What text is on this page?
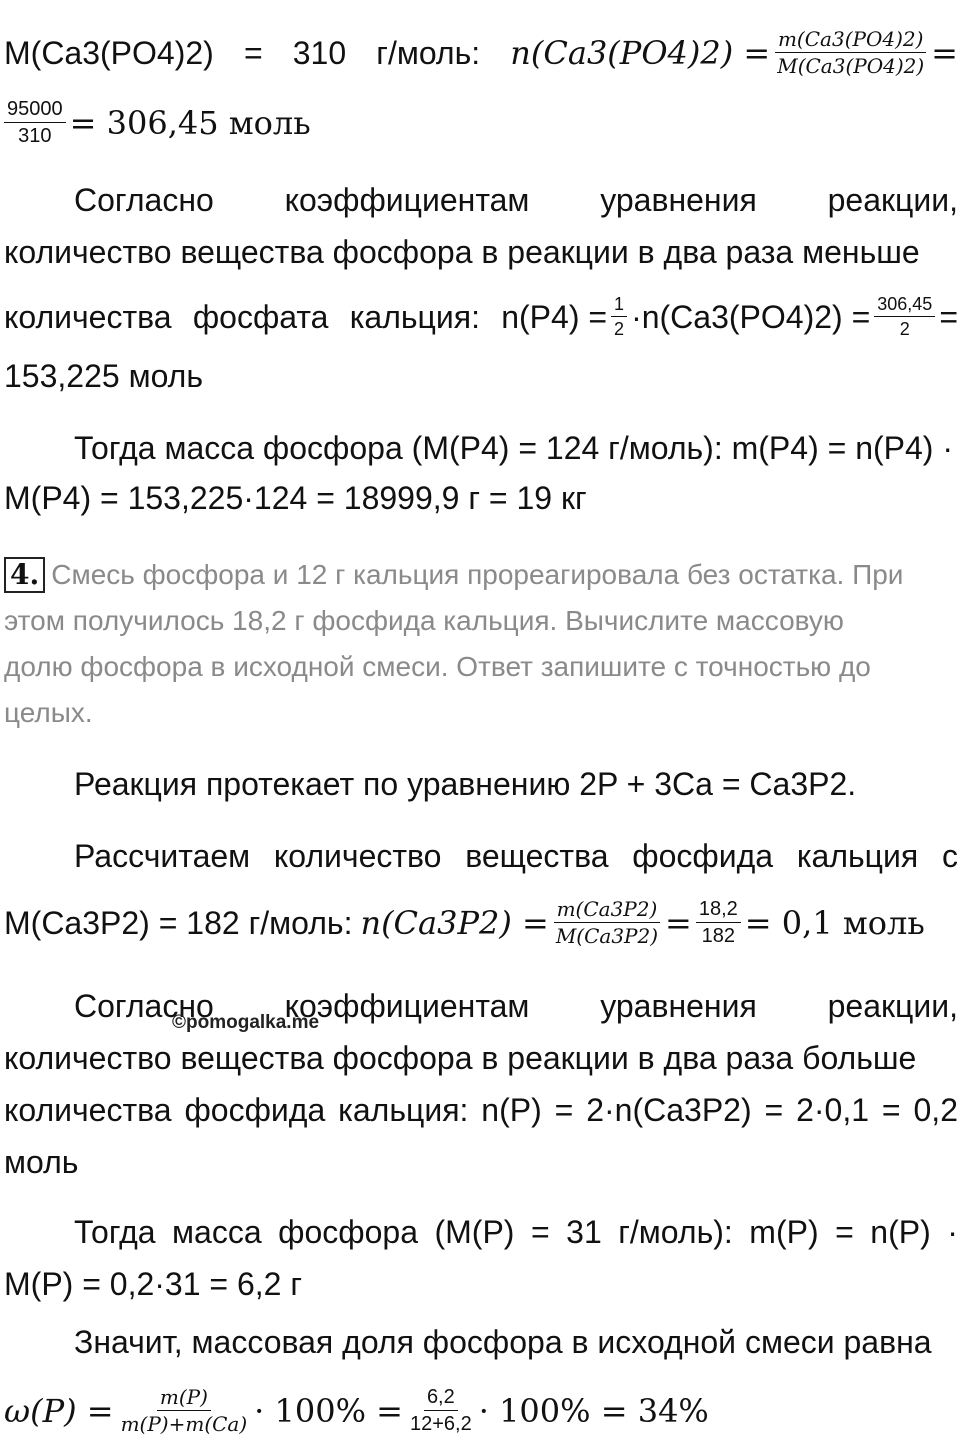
M(Ca3(PO4)2) = 310 г/моль: $n(Ca3(PO4)2) = \frac{m(Ca3(PO4)2)}{M(Ca3(PO4)2)}$ =
$\frac{95000}{310} = 306,45$ моль
Согласно коэффициентам уравнения реакции,
количество вещества фосфора в реакции в два раза меньше
количества фосфата кальция: $n(P4) = \frac{1}{2} \cdot n(Ca3(PO4)2) = \frac{306,45}{2}$ =
153,225 моль
Тогда масса фосфора (M(P4) = 124 г/моль): m(P4) = n(P4) ·
M(P4) = 153,225·124 = 18999,9 г = 19 кг
4. Смесь фосфора и 12 г кальция прореагировала без остатка. При
этом получилось 18,2 г фосфида кальция. Вычислите массовую
долю фосфора в исходной смеси. Ответ запишите с точностью до
целых.
Реакция протекает по уравнению 2P + 3Ca = Ca3P2.
Рассчитаем количество вещества фосфида кальция с
M(Ca3P2) = 182 г/моль: $n(Ca3P2) = \frac{m(Ca3P2)}{M(Ca3P2)} = \frac{18,2}{182} = 0,1$ моль
Согласно коэффициентам уравнения реакции,
©pomogalka.me
количество вещества фосфора в реакции в два раза больше
количества фосфида кальция: n(P) = 2·n(Ca3P2) = 2·0,1 = 0,2
моль
Тогда масса фосфора (M(P) = 31 г/моль): m(P) = n(P) ·
M(P) = 0,2·31 = 6,2 г
Значит, массовая доля фосфора в исходной смеси равна
$\omega(P) = \frac{m(P)}{m(P)+m(Ca)} \cdot 100\% = \frac{6,2}{12+6,2} \cdot 100\% = 34\%$
